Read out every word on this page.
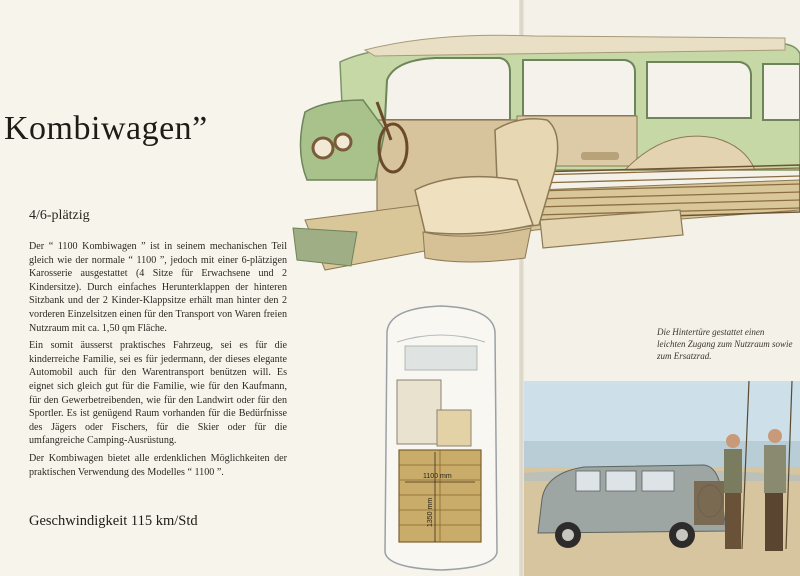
Kombiwagen”
4/6-plätzig

Der “ 1100 Kombiwagen ” ist in seinem mechanischen Teil gleich wie der normale “ 1100 ”, jedoch mit einer 6-plätzigen Karosserie ausgestattet (4 Sitze für Erwachsene und 2 Kindersitze). Durch einfaches Herunterklappen der hinteren Sitzbank und der 2 Kinder-Klappsitze erhält man hinter den 2 vorderen Einzelsitzen einen für den Transport von Waren freien Nutzraum mit ca. 1,50 qm Fläche.

Ein somit äusserst praktisches Fahrzeug, sei es für die kinderreiche Familie, sei es für jedermann, der dieses elegante Automobil auch für den Warentransport benützen will. Es eignet sich gleich gut für die Familie, wie für den Kaufmann, für den Gewerbetreibenden, wie für den Landwirt oder für den Sportler. Es ist genügend Raum vorhanden für die Bedürfnisse des Jägers oder Fischers, für die Skier oder für die umfangreiche Camping-Ausrüstung.

Der Kombiwagen bietet alle erdenklichen Möglichkeiten der praktischen Verwendung des Modelles “ 1100 ”.

Geschwindigkeit 115 km/Std
1100 mm
1350 mm
Die Hintertüre gestattet einen leichten Zugang zum Nutzraum sowie zum Ersatzrad.
